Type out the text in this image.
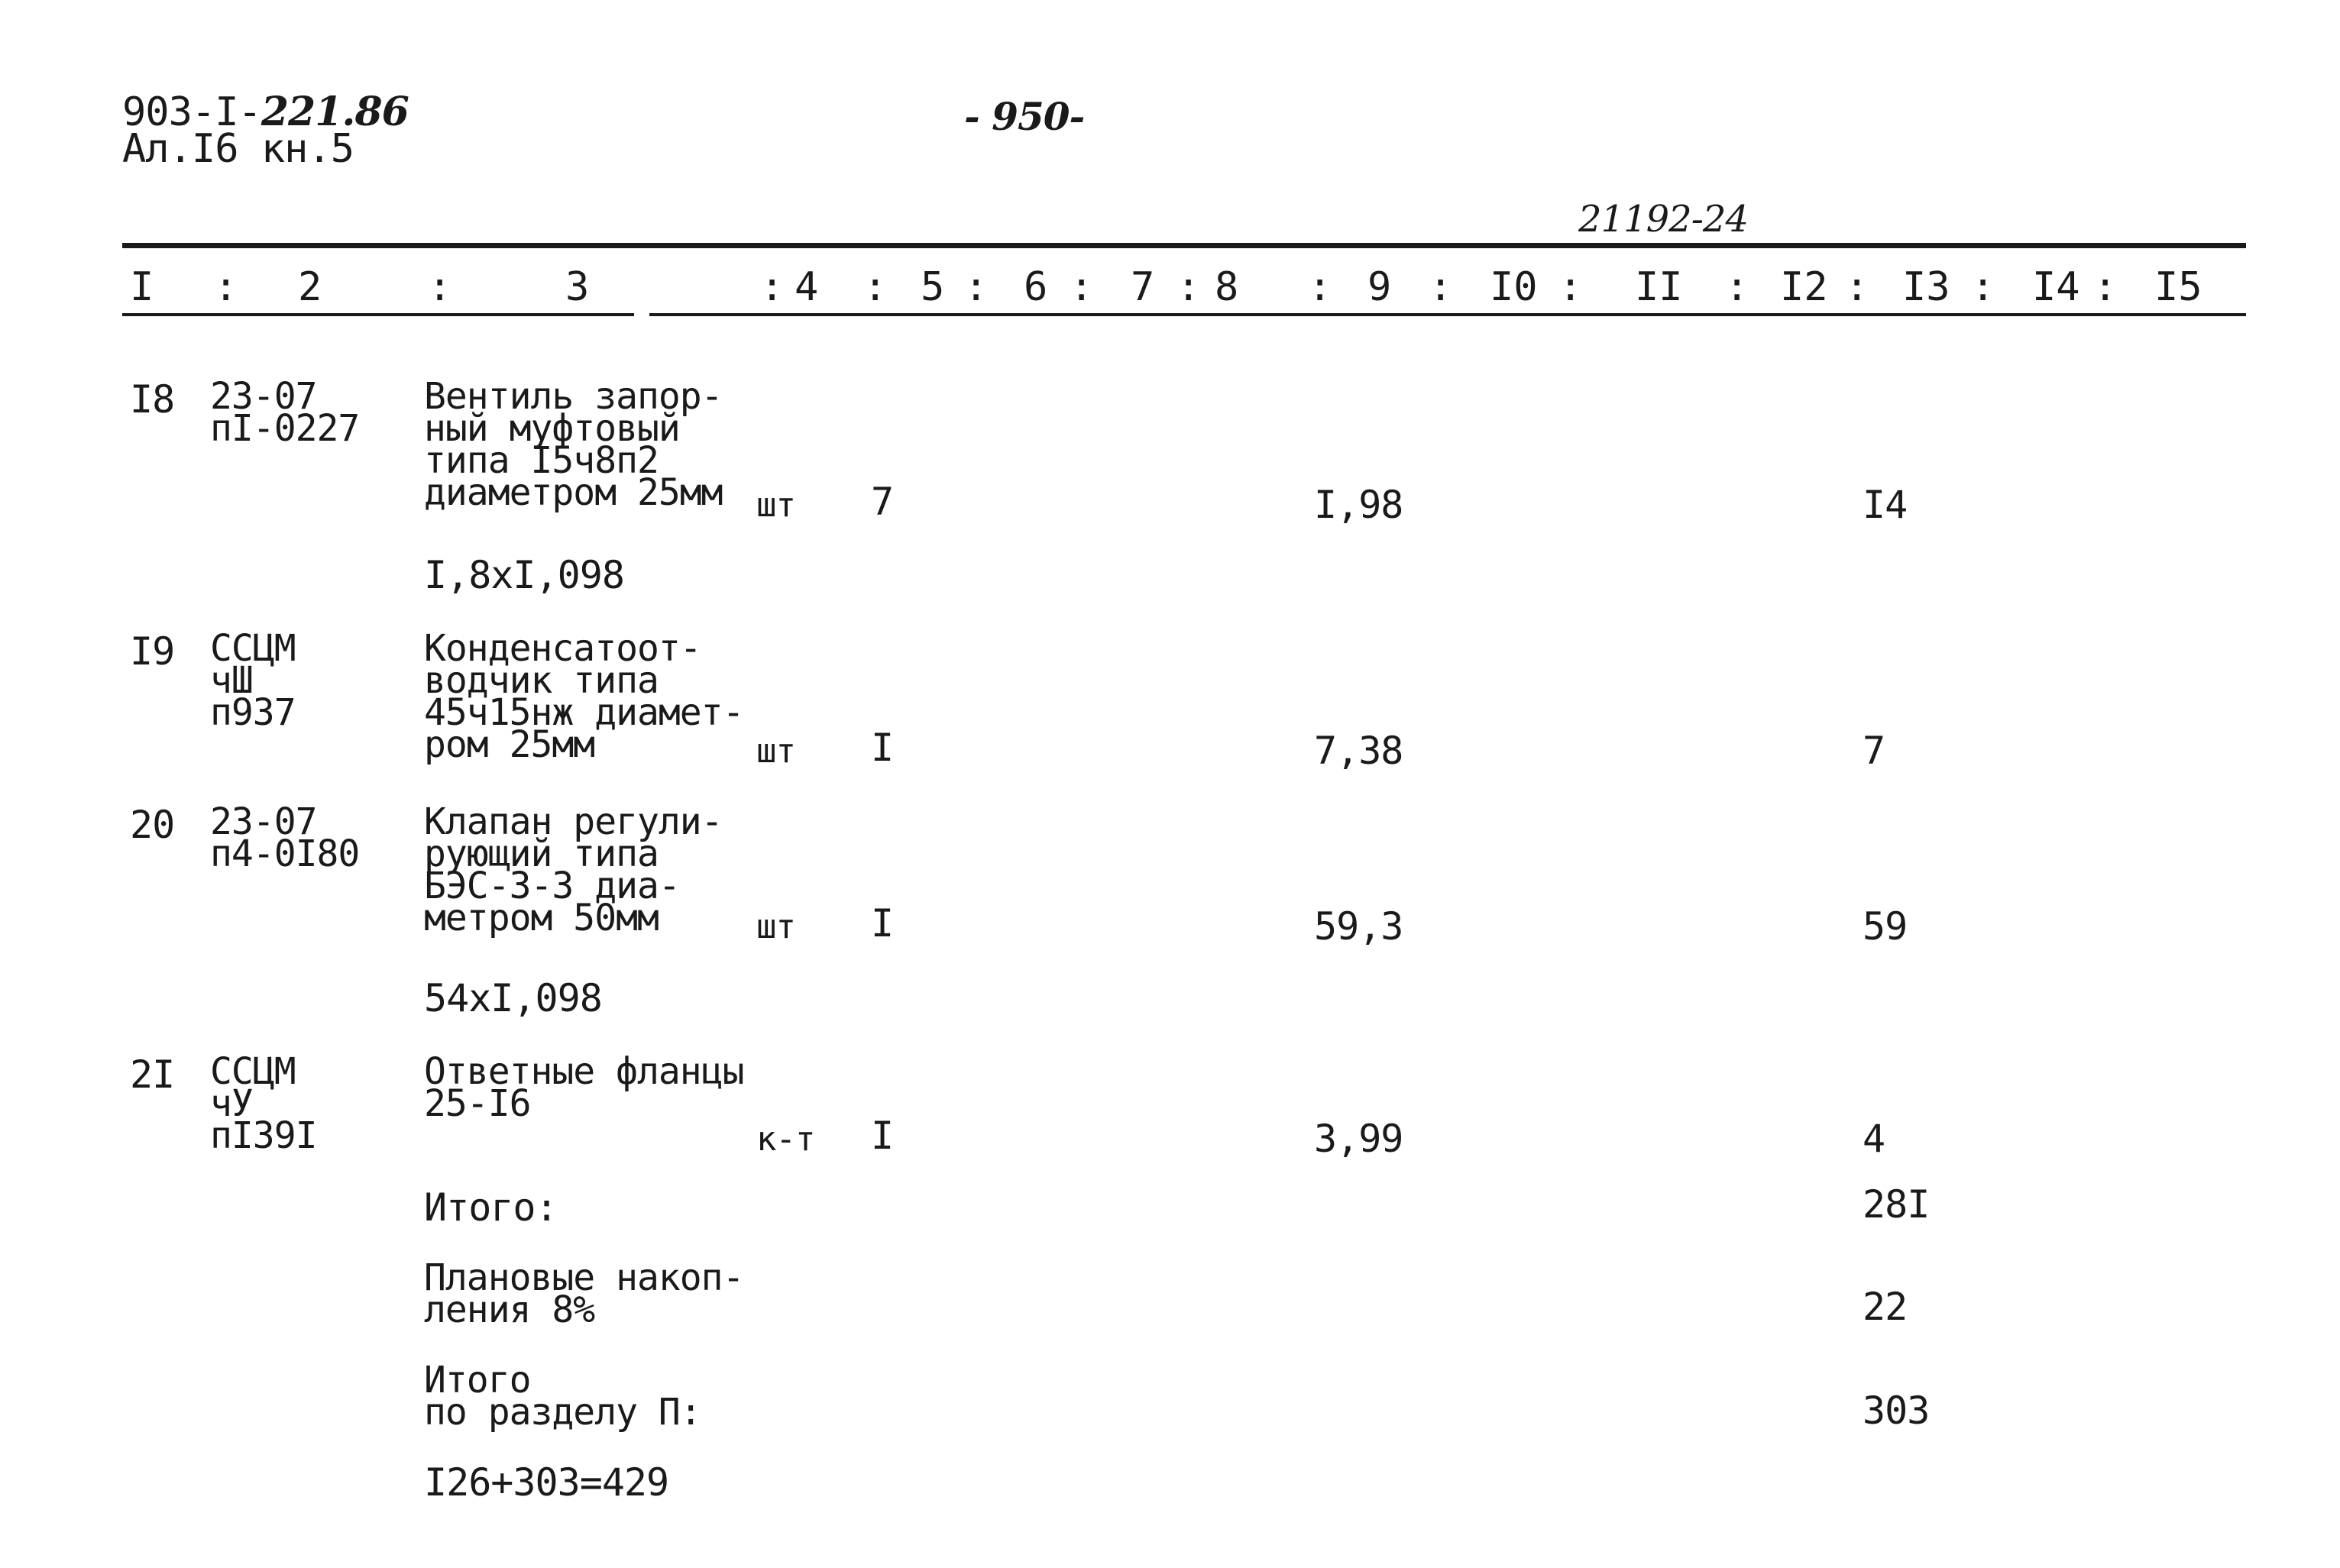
903-I-221.86
Ал.I6 кн.5
- 950-
21192-24
I : 2	:	3	: 4 : 5 : 6 : 7 : 8 : 9 : I0 : II : I2 : I3 : I4 : I5
I8 23-07
пI-0227
Вентиль запор-
ный муфтовый
типа I5ч8п2
диаметром 25мм шт 7	I,98	I4
I,8хI,098
I9 ССЦМ
чШ
п937
Конденсатоот-
водчик типа
45ч15нж диамет-
ром 25мм	шт I	7,38	7
20 23-07
п4-0I80
Клапан регули-
рующий типа
БЭС-3-3 диа-
метром 50мм	шт I	59,3	59
54хI,098
2I ССЦМ
чУ
пI39I
Ответные фланцы
25-I6
к-т I	3,99	4
Итого:	28I
Плановые накоп-
ления 8%	22
Итого
по разделу П:	303
I26+303=429
